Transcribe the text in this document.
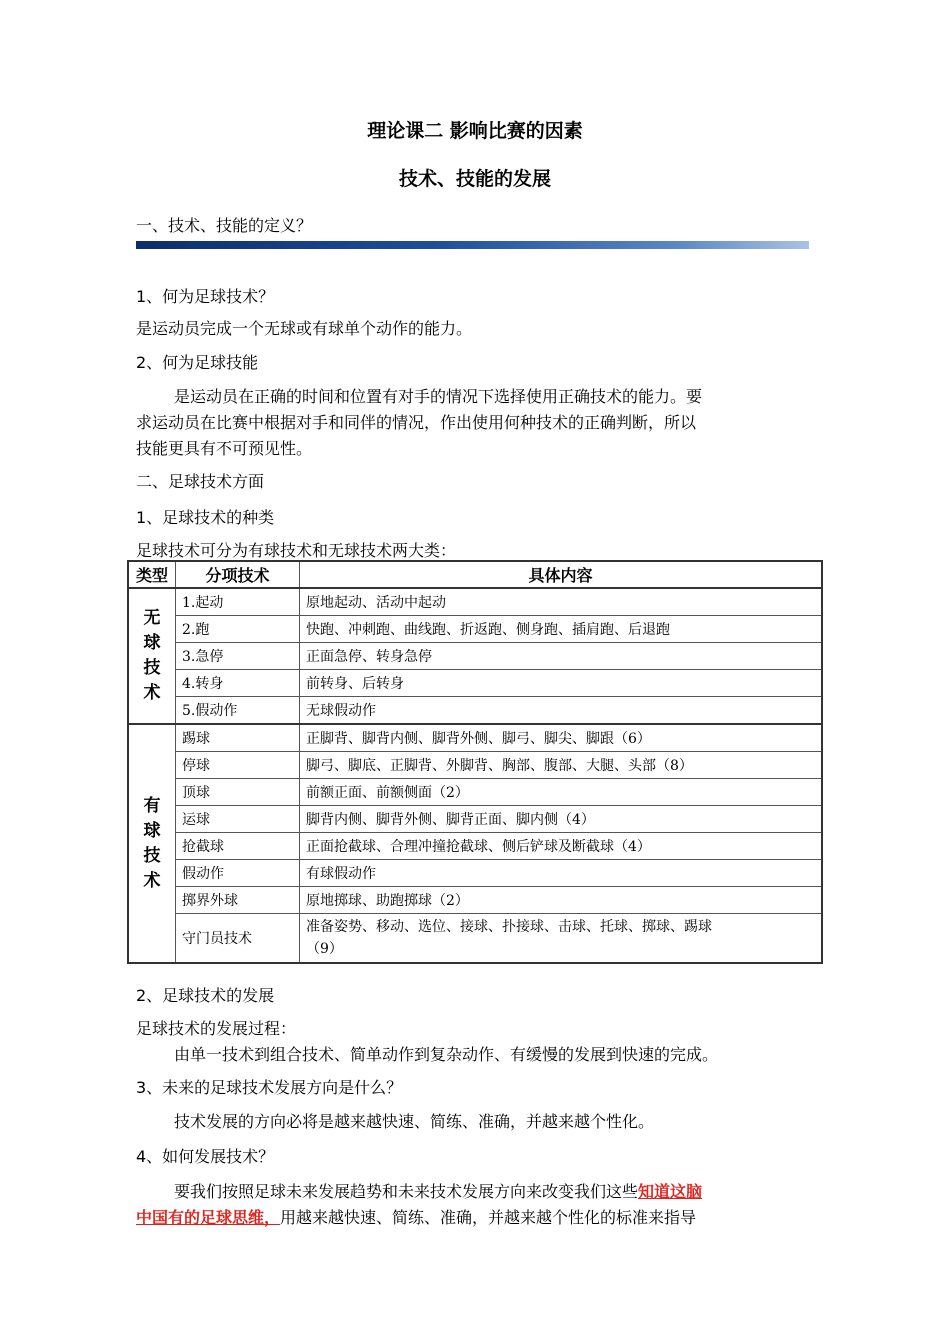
理论课二 影响比赛的因素
技术、技能的发展
一、技术、技能的定义？
1、何为足球技术？
是运动员完成一个无球或有球单个动作的能力。
2、何为足球技能
是运动员在正确的时间和位置有对手的情况下选择使用正确技术的能力。要
求运动员在比赛中根据对手和同伴的情况，作出使用何种技术的正确判断，所以
技能更具有不可预见性。
二、足球技术方面
1、足球技术的种类
足球技术可分为有球技术和无球技术两大类：
类型	分项技术	具体内容

无
球
技
术	1.起动	原地起动、活动中起动
	2.跑	快跑、冲刺跑、曲线跑、折返跑、侧身跑、插肩跑、后退跑
	3.急停	正面急停、转身急停
	4.转身	前转身、后转身
	5.假动作	无球假动作

有
球
技
术	踢球	正脚背、脚背内侧、脚背外侧、脚弓、脚尖、脚跟（6）
	停球	脚弓、脚底、正脚背、外脚背、胸部、腹部、大腿、头部（8）
	顶球	前额正面、前额侧面（2）
	运球	脚背内侧、脚背外侧、脚背正面、脚内侧（4）
	抢截球	正面抢截球、合理冲撞抢截球、侧后铲球及断截球（4）
	假动作	有球假动作
	掷界外球	原地掷球、助跑掷球（2）
	守门员技术	准备姿势、移动、选位、接球、扑接球、击球、托球、掷球、踢球
（9）
2、足球技术的发展
足球技术的发展过程：
由单一技术到组合技术、简单动作到复杂动作、有缓慢的发展到快速的完成。
3、未来的足球技术发展方向是什么？
技术发展的方向必将是越来越快速、简练、准确，并越来越个性化。
4、如何发展技术？
要我们按照足球未来发展趋势和未来技术发展方向来改变我们这些知道这脑
中国有的足球思维，用越来越快速、简练、准确，并越来越个性化的标准来指导
